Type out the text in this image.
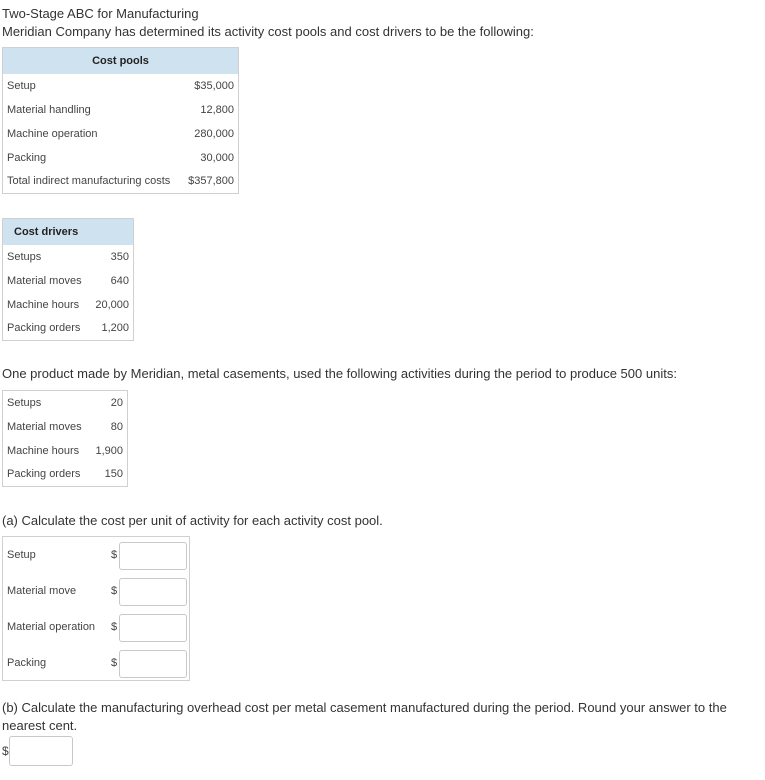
Two-Stage ABC for Manufacturing
Meridian Company has determined its activity cost pools and cost drivers to be the following:
Cost pools	
Setup	$35,000
Material handling	12,800
Machine operation	280,000
Packing	30,000
Total indirect manufacturing costs	$357,800
Cost drivers	
Setups	350
Material moves	640
Machine hours	20,000
Packing orders	1,200
One product made by Meridian, metal casements, used the following activities during the period to produce 500 units:
Setups	20
Material moves	80
Machine hours	1,900
Packing orders	150
(a) Calculate the cost per unit of activity for each activity cost pool.
Setup	$
Material move	$
Material operation $
Packing	$
(b) Calculate the manufacturing overhead cost per metal casement manufactured during the period. Round your answer to the nearest cent.
$
